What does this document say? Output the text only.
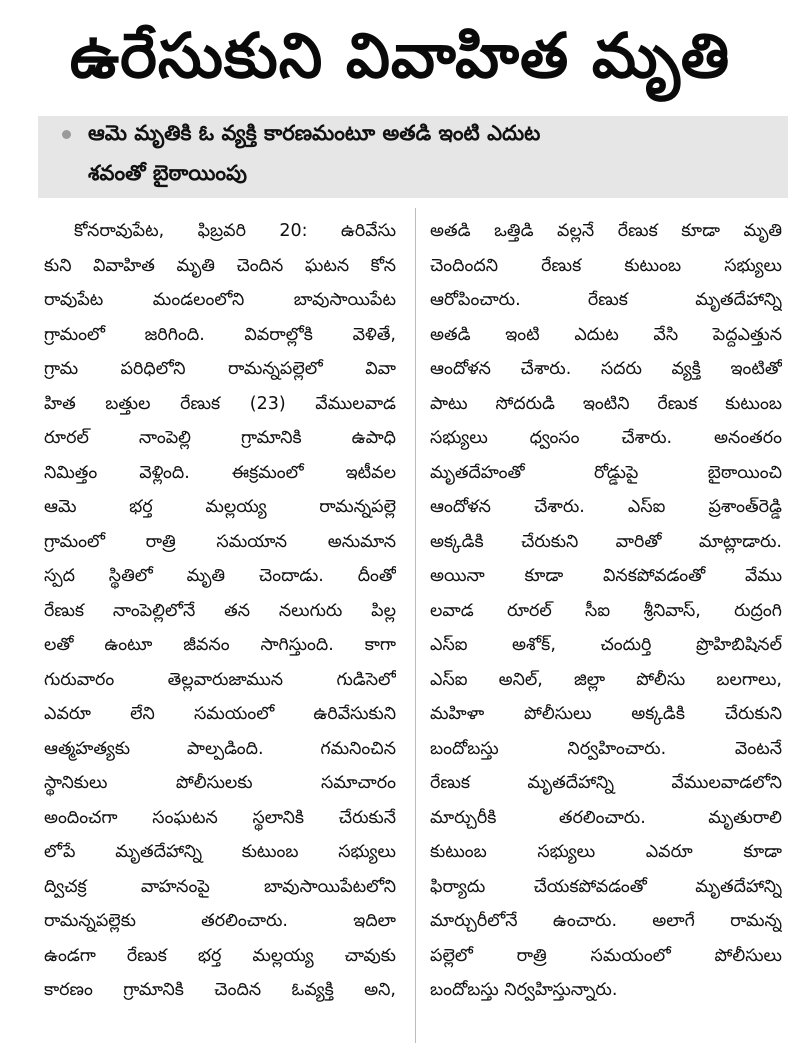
ఉరేసుకుని వివాహిత మృతి
ఆమె మృతికి ఓ వ్యక్తి కారణమంటూ అతడి ఇంటి ఎదుట
శవంతో బైఠాయింపు
కోనరావుపేట, ఫిబ్రవరి 20: ఉరివేసు
కుని వివాహిత మృతి చెందిన ఘటన కోన
రావుపేట మండలంలోని బావుసాయిపేట
గ్రామంలో జరిగింది. వివరాల్లోకి వెళితే,
గ్రామ పరిధిలోని రామన్నపల్లెలో వివా
హిత బత్తుల రేణుక (23) వేములవాడ
రూరల్ నాంపెల్లి గ్రామానికి ఉపాధి
నిమిత్తం వెళ్లింది. ఈక్రమంలో ఇటీవల
ఆమె భర్త మల్లయ్య రామన్నపల్లె
గ్రామంలో రాత్రి సమయాన అనుమాన
స్పద స్థితిలో మృతి చెందాడు. దీంతో
రేణుక నాంపెల్లిలోనే తన నలుగురు పిల్ల
లతో ఉంటూ జీవనం సాగిస్తుంది. కాగా
గురువారం తెల్లవారుజామున గుడిసెలో
ఎవరూ లేని సమయంలో ఉరివేసుకుని
ఆత్మహత్యకు పాల్పడింది. గమనించిన
స్థానికులు పోలీసులకు సమాచారం
అందించగా సంఘటన స్థలానికి చేరుకునే
లోపే మృతదేహాన్ని కుటుంబ సభ్యులు
ద్విచక్ర వాహనంపై బావుసాయిపేటలోని
రామన్నపల్లెకు తరలించారు. ఇదిలా
ఉండగా రేణుక భర్త మల్లయ్య చావుకు
కారణం గ్రామానికి చెందిన ఓవ్యక్తి అని,
అతడి ఒత్తిడి వల్లనే రేణుక కూడా మృతి
చెందిందని రేణుక కుటుంబ సభ్యులు
ఆరోపించారు. రేణుక మృతదేహాన్ని
అతడి ఇంటి ఎదుట వేసి పెద్దఎత్తున
ఆందోళన చేశారు. సదరు వ్యక్తి ఇంటితో
పాటు సోదరుడి ఇంటిని రేణుక కుటుంబ
సభ్యులు ధ్వంసం చేశారు. అనంతరం
మృతదేహంతో రోడ్డుపై బైఠాయించి
ఆందోళన చేశారు. ఎస్ఐ ప్రశాంత్‌రెడ్డి
అక్కడికి చేరుకుని వారితో మాట్లాడారు.
అయినా కూడా వినకపోవడంతో వేము
లవాడ రూరల్ సీఐ శ్రీనివాస్, రుద్రంగి
ఎస్ఐ అశోక్, చందుర్తి ప్రొహిబిషినల్
ఎస్ఐ అనిల్, జిల్లా పోలీసు బలగాలు,
మహిళా పోలీసులు అక్కడికి చేరుకుని
బందోబస్తు నిర్వహించారు. వెంటనే
రేణుక మృతదేహాన్ని వేములవాడలోని
మార్చురీకి తరలించారు. మృతురాలి
కుటుంబ సభ్యులు ఎవరూ కూడా
ఫిర్యాదు చేయకపోవడంతో మృతదేహాన్ని
మార్చురీలోనే ఉంచారు. అలాగే రామన్న
పల్లెలో రాత్రి సమయంలో పోలీసులు
బందోబస్తు నిర్వహిస్తున్నారు.
